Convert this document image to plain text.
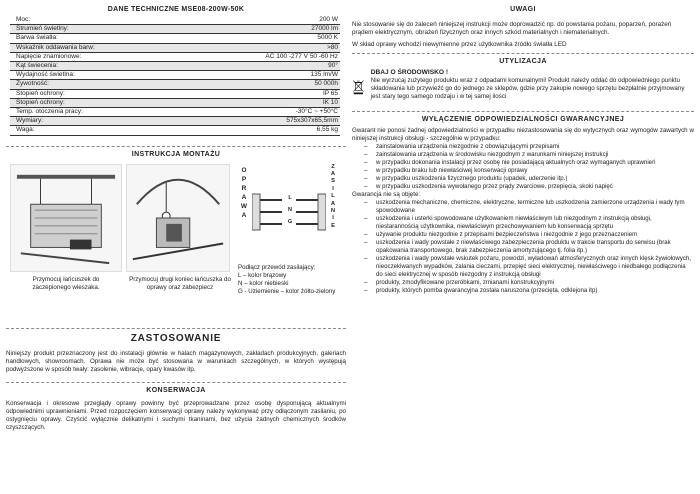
DANE TECHNICZNE MSE08-200W-50K
Moc:	200 W
Strumień świetlny:	27000 lm
Barwa światła:	5000 K
Wskaźnik oddawania barw:	>80
Napięcie znamionowe:	AC 100 -277 V 50 -60 Hz
Kąt świecenia:	90°
Wydajność świetlna:	135 lm/W
Żywotność:	50 000h
Stopień ochrony:	IP 65
Stopień ochrony:	IK 10
Temp. otoczenia pracy:	-30°C ~ +50°C
Wymiary:	575x307x65,5mm
Waga:	6,55 kg
INSTRUKCJA MONTAŻU
O
P
R
A
W
A
Z
A
S
I
L
A
N
I
E
L
N
G
Przymocuj łańcuszek do zaczepionego wieszaka.
Przymocuj drugi koniec łańcuszka do oprawy oraz zabezpiecz
Podłącz przewód zasilający:
L – kolor brązowy
N – kolor niebieski
G - Uziemienie – kolor żółto-zielony
ZASTOSOWANIE
Niniejszy produkt przeznaczony jest do instalacji głównie w halach magazynowych, zakładach produkcyjnych, galeriach handlowych, showroomach. Oprawa nie może być stosowana w warunkach szczególnych, w których występują podwyższone w sposób twały: zasolenie, wibracje, opary kwasów itp.
KONSERWACJA
Konserwacja i okresowe przeglądy oprawy powinny być przeprowadzane przez osobę dysponującą aktualnymi odpowiednimi uprawnieniami. Przed rozpoczęciem konserwacji oprawy należy wykonywać przy odłączonym zasilaniu, po ostygnięciu oprawy. Czyścić wyłącznie delikatnymi i suchymi tkaninami, bez użycia żadnych chemicznych środków czyszczących.
UWAGI
Nie stosowanie się do zaleceń niniejszej instrukcji może doprowadzić np. do powstania pożaru, poparzeń, porażeń prądem elektrycznym, obrażeń fizycznych oraz innych szkód materialnych i niematerialnych.
W skład oprawy wchodzi niewymienne przez użytkownika źródło światła LED
UTYLIZACJA
DBAJ O ŚRODOWISKO !
Nie wyrzucaj zużytego produktu wraz z odpadami komunalnymi! Produkt należy oddać do odpowiedniego punktu składowania lub przywieźć go do jednego ze sklepów, gdzie przy zakupie nowego sprzętu bezpłatnie przyjmowany jest stary tego samego rodzaju i w tej samej ilości
WYŁĄCZENIE ODPOWIEDZIALNOŚCI GWARANCYJNEJ
Gwarant nie ponosi żadnej odpowiedzialności w przypadku niezastosowania się do wytycznych oraz wymogów zawartych w niniejszej instrukcji obsługi - szczególnie w przypadku:
– zainstalowania urządzenia niezgodnie z obowiązującymi przepisami
– zainstalowania urządzenia w środowisku niezgodnym z warunkami niniejszej instrukcji
– w przypadku dokonania instalacji przez osobę nie posiadającą aktualnych oraz wymaganych uprawnień
– w przypadku braku lub niewłaściwej konserwacji oprawy
– w przypadku uszkodzenia fizycznego produktu (upadek, uderzenie itp.)
– w przypadku uszkodzenia wywołanego przez prądy zwarciowe, przepięcia, skoki napięć
Gwarancja nie są objęte:
– uszkodzenia mechaniczne, chemiczne, elektryczne, termiczne lub uszkodzenia zamierzone urządzenia i wady tym spowodowane
– uszkodzenia i usterki spowodowane użytkowaniem niewłaściwym lub niezgodnym z instrukcją obsługi, niestarannością użytkownika, niewłaściwym przechowywaniem lub konserwacją sprzętu
– używanie produktu niezgodnie z przepisami bezpieczeństwa i niezgodnie z jego przeznaczeniem
– uszkodzenia i wady powstałe z niewłaściwego zabezpieczenia produktu w trakcie transportu do serwisu (brak opakowania transportowego, brak zabezpieczenia amortyzującego tj. folia itp.)
– uszkodzenia i wady powstałe wskutek pożaru, powodzi, wyładowań atmosferycznych oraz innych klęsk żywiołowych, nieoczekiwanych wypadków, zalania cieczami, przepięć sieci elektrycznej, niewłaściwego i niedbałego podłączenia do sieci elektrycznej w sposób niezgodny z instrukcją obsługi
– produkty, zmodyfikowane przeróbkami, zmianami konstrukcyjnymi
– produkty, których pomba gwarancyjna została naruszona (przecięta, odklejona itp)
